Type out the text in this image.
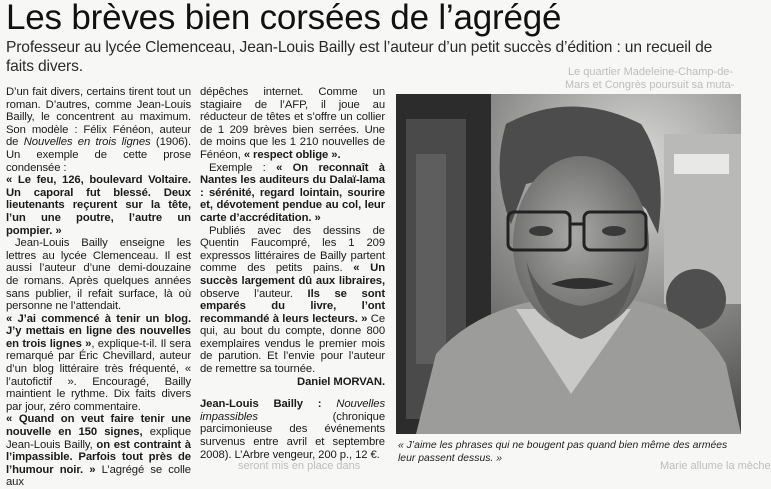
Les brèves bien corsées de l’agrégé

Professeur au lycée Clemenceau, Jean-Louis Bailly est l’auteur d’un petit succès d’édition : un recueil de faits divers.	Le quartier Madeleine-Champ-de-
Mars et Congrès poursuit sa muta-

D’un fait divers, certains tirent tout un roman. D’autres, comme Jean-Louis Bailly, le concentrent au maximum. Son modèle : Félix Fénéon, auteur de Nouvelles en trois lignes (1906). Un exemple de cette prose condensée :

« Le feu, 126, boulevard Voltaire. Un caporal fut blessé. Deux lieutenants reçurent sur la tête, l’un une poutre, l’autre un pompier. »

Jean-Louis Bailly enseigne les lettres au lycée Clemenceau. Il est aussi l’auteur d’une demi-douzaine de romans. Après quelques années sans publier, il refait surface, là où personne ne l’attendait.

« J’ai commencé à tenir un blog. J’y mettais en ligne des nouvelles en trois lignes », explique-t-il. Il sera remarqué par Éric Chevillard, auteur d’un blog littéraire très fréquenté, « l’autofictif ». Encouragé, Bailly maintient le rythme. Dix faits divers par jour, zéro commentaire.

« Quand on veut faire tenir une nouvelle en 150 signes, explique Jean-Louis Bailly, on est contraint à l’impassible. Parfois tout près de l’humour noir. » L’agrégé se colle aux

dépêches internet. Comme un stagiaire de l’AFP, il joue au réducteur de têtes et s’offre un collier de 1 209 brèves bien serrées. Une de moins que les 1 210 nouvelles de Fénéon, « respect oblige ».

Exemple : « On reconnaît à Nantes les auditeurs du Dalaï-lama : sérénité, regard lointain, sourire et, dévotement pendue au col, leur carte d’accréditation. »

Publiés avec des dessins de Quentin Faucompré, les 1 209 expressos littéraires de Bailly partent comme des petits pains. « Un succès largement dû aux libraires, observe l’auteur. Ils se sont emparés du livre, l’ont recommandé à leurs lecteurs. » Ce qui, au bout du compte, donne 800 exemplaires vendus le premier mois de parution. Et l’envie pour l’auteur de remettre sa tournée.

Daniel MORVAN.

Jean-Louis Bailly : Nouvelles impassibles (chronique parcimonieuse des événements survenus entre avril et septembre 2008). L’Arbre vengeur, 200 p., 12 €.

« J’aime les phrases qui ne bougent pas quand bien même des armées leur passent dessus. »

seront mis en place dans	Marie allume la mèche
